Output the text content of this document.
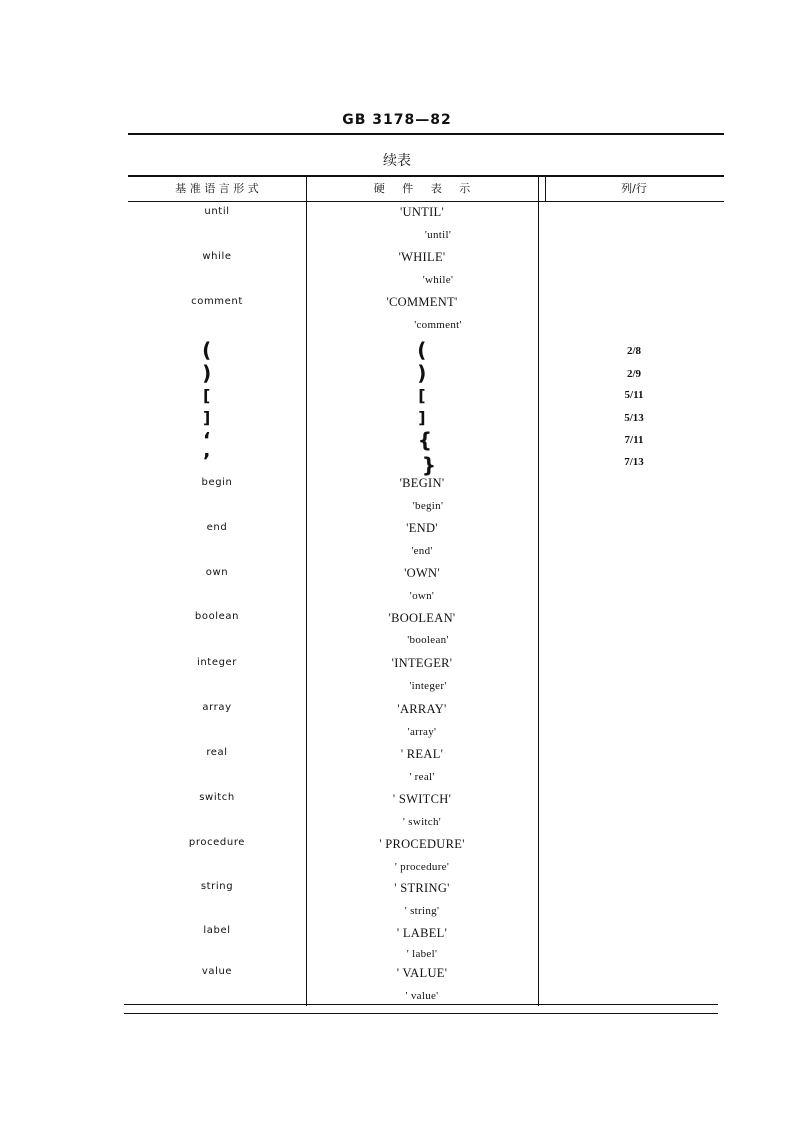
GB 3178—82
续表
基 准 语 言 形 式	硬     件     表     示	列/行
until	'UNTIL'
'until'
while	'WHILE'
'while'
comment	'COMMENT'
'comment'
(	(	2/8
)	)	2/9
[	[	5/11
]	]	5/13
‘	{	7/11
’	}	7/13
begin	'BEGIN'
'begin'
end	'END'
'end'
own	'OWN'
'own'
boolean	'BOOLEAN'
'boolean'
integer	'INTEGER'
'integer'
array	'ARRAY'
'array'
real	' REAL'
' real'
switch	' SWITCH'
' switch'
procedure	' PROCEDURE'
' procedure'
string	' STRING'
' string'
label	' LABEL'
' label'
value	' VALUE'
' value'
